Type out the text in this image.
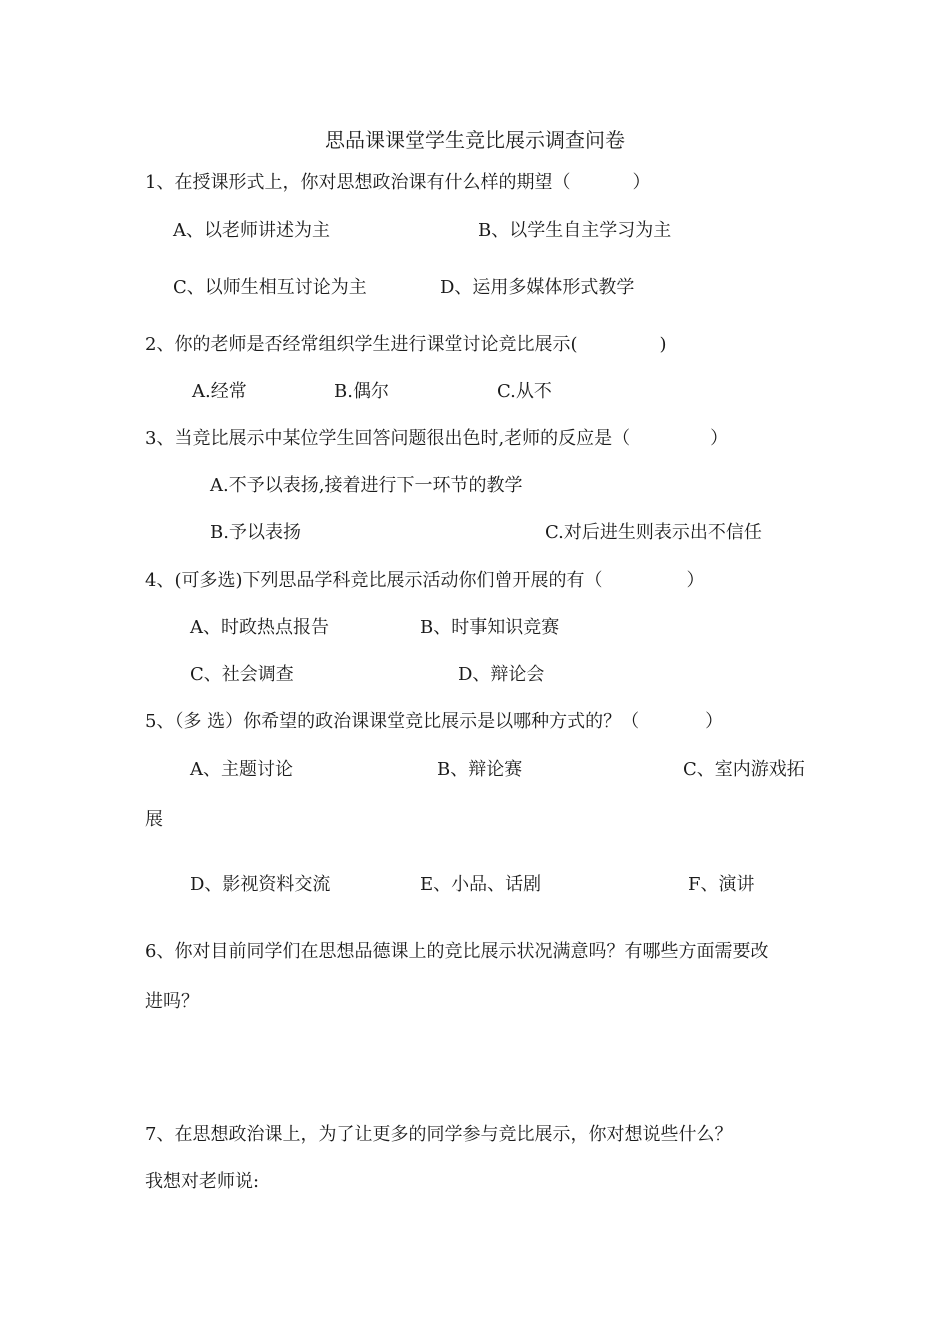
思品课课堂学生竞比展示调查问卷
1、在授课形式上，你对思想政治课有什么样的期望（	）
A、以老师讲述为主	B、以学生自主学习为主
C、以师生相互讨论为主	D、运用多媒体形式教学
2、你的老师是否经常组织学生进行课堂讨论竞比展示(	)
A.经常	B.偶尔	C.从不
3、当竞比展示中某位学生回答问题很出色时,老师的反应是（	）
A.不予以表扬,接着进行下一环节的教学
B.予以表扬	C.对后进生则表示出不信任
4、(可多选)下列思品学科竞比展示活动你们曾开展的有（	）
A、时政热点报告	B、时事知识竞赛
C、社会调查	D、辩论会
5、（多 选）你希望的政治课课堂竞比展示是以哪种方式的？（	）
A、主题讨论	B、辩论赛	C、室内游戏拓
展
D、影视资料交流	E、小品、话剧	F、演讲
6、你对目前同学们在思想品德课上的竞比展示状况满意吗？有哪些方面需要改
进吗？
7、在思想政治课上，为了让更多的同学参与竞比展示，你对想说些什么？
我想对老师说:
